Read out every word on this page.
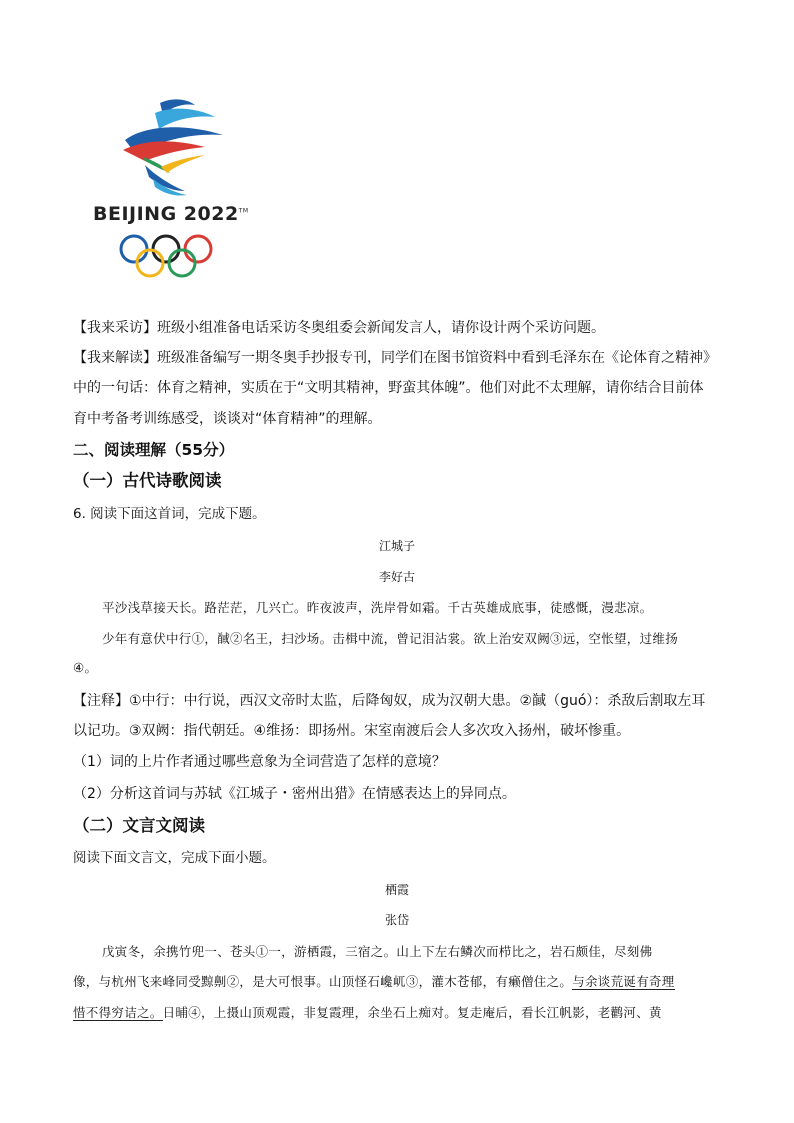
BEIJING 2022™
【我来采访】班级小组准备电话采访冬奥组委会新闻发言人，请你设计两个采访问题。
【我来解读】班级准备编写一期冬奥手抄报专刊，同学们在图书馆资料中看到毛泽东在《论体育之精神》
中的一句话：体育之精神，实质在于“文明其精神，野蛮其体魄”。他们对此不太理解，请你结合目前体
育中考备考训练感受，谈谈对“体育精神”的理解。
二、阅读理解（55分）
（一）古代诗歌阅读
6. 阅读下面这首词，完成下题。
江城子
李好古
平沙浅草接天长。路茫茫，几兴亡。昨夜波声，洗岸骨如霜。千古英雄成底事，徒感慨，漫悲凉。
少年有意伏中行①，馘②名王，扫沙场。击楫中流，曾记泪沾裳。欲上治安双阙③远，空怅望，过维扬
④。
【注释】①中行：中行说，西汉文帝时太监，后降匈奴，成为汉朝大患。②馘（guó）：杀敌后割取左耳
以记功。③双阙：指代朝廷。④维扬：即扬州。宋室南渡后会人多次攻入扬州，破坏惨重。
（1）词的上片作者通过哪些意象为全词营造了怎样的意境？
（2）分析这首词与苏轼《江城子・密州出猎》在情感表达上的异同点。
（二）文言文阅读
阅读下面文言文，完成下面小题。
栖霞
张岱
戊寅冬，余携竹兜一、苍头①一，游栖霞，三宿之。山上下左右鳞次而栉比之，岩石颇佳，尽刻佛
像，与杭州飞来峰同受黥劓②，是大可恨事。山顶怪石巉屼③，灌木苍郁，有癞僧住之。与余谈荒诞有奇理
惜不得穷诘之。日晡④，上摄山顶观霞，非复霞理，余坐石上痴对。复走庵后，看长江帆影，老鹳河、黄
